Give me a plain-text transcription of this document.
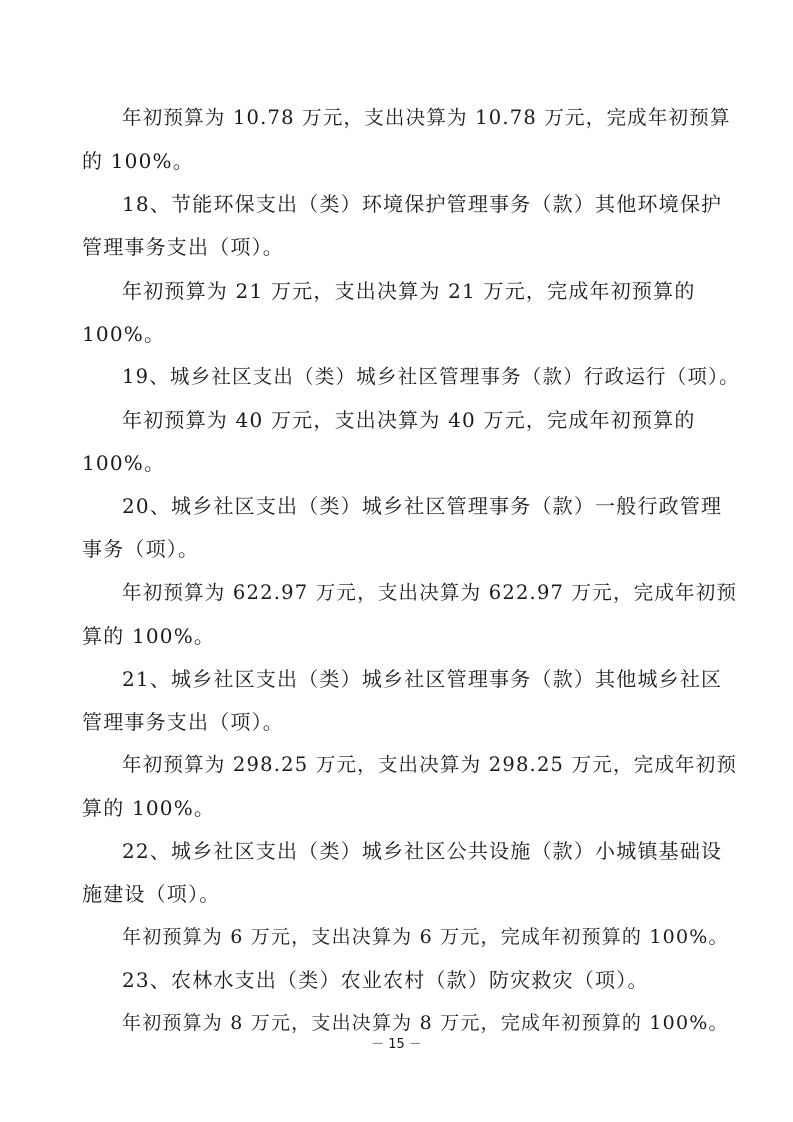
年初预算为 10.78 万元，支出决算为 10.78 万元，完成年初预算
的 100%。
18、节能环保支出（类）环境保护管理事务（款）其他环境保护
管理事务支出（项）。
年初预算为 21 万元，支出决算为 21 万元，完成年初预算的
100%。
19、城乡社区支出（类）城乡社区管理事务（款）行政运行（项）。
年初预算为 40 万元，支出决算为 40 万元，完成年初预算的
100%。
20、城乡社区支出（类）城乡社区管理事务（款）一般行政管理
事务（项）。
年初预算为 622.97 万元，支出决算为 622.97 万元，完成年初预
算的 100%。
21、城乡社区支出（类）城乡社区管理事务（款）其他城乡社区
管理事务支出（项）。
年初预算为 298.25 万元，支出决算为 298.25 万元，完成年初预
算的 100%。
22、城乡社区支出（类）城乡社区公共设施（款）小城镇基础设
施建设（项）。
年初预算为 6 万元，支出决算为 6 万元，完成年初预算的 100%。
23、农林水支出（类）农业农村（款）防灾救灾（项）。
年初预算为 8 万元，支出决算为 8 万元，完成年初预算的 100%。
－ 15 －
